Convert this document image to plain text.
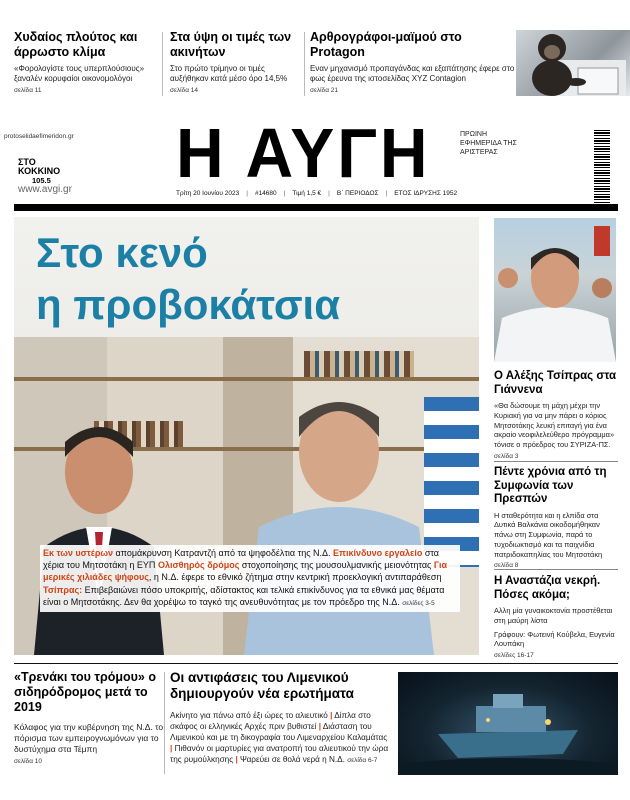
Χυδαίος πλούτος και άρρωστο κλίμα

«Φορολογίστε τους υπερπλούσιους» ξαναλέν κορυφαίοι οικονομολόγοι

σελίδα 11
Στα ύψη οι τιμές των ακινήτων

Στο πρώτο τρίμηνο οι τιμές αυξήθηκαν κατά μέσο όρο 14,5%

σελίδα 14
Αρθρογράφοι-μαϊμού στο Protagon

Εναν μηχανισμό προπαγάνδας και εξαπάτησης έφερε στο φως έρευνα της ιστοσελίδας XYZ Contagion

σελίδα 21
protoselidaefimeridon.gr
ΣΤΟ ΚΟΚΚΙΝΟ
105.5
www.avgi.gr Η ΑΥΓΗ	ΠΡΩΙΝΗ ΕΦΗΜΕΡΙΔΑ ΤΗΣ ΑΡΙΣΤΕΡΑΣ
Τρίτη 20 Ιουνίου 2023 | #14680 | Τιμή 1,5 € | Β΄ ΠΕΡΙΟΔΟΣ | ΕΤΟΣ ΙΔΡΥΣΗΣ 1952
Στο κενό
η προβοκάτσια
Εκ των υστέρων απομάκρυνση Κατραντζή από τα ψηφοδέλτια της Ν.Δ. Επικίνδυνο εργαλείο στα χέρια του Μητσοτάκη η ΕΥΠ Ολισθηρός δρόμος στοχοποίησης της μουσουλμανικής μειονότητας Για μερικές χιλιάδες ψήφους, η Ν.Δ. έφερε το εθνικό ζήτημα στην κεντρική προεκλογική αντιπαράθεση Τσίπρας: Επιβεβαιώνει πόσο υποκριτής, αδίστακτος και τελικά επικίνδυνος για τα εθνικά μας θέματα είναι ο Μητσοτάκης. Δεν θα χορέψω το ταγκό της ανευθυνότητας με τον πρόεδρο της Ν.Δ. σελίδες 3-5
Ο Αλέξης Τσίπρας στα Γιάννενα

«Θα δώσουμε τη μάχη μέχρι την Κυριακή για να μην πάρει ο κόριος Μητσοτάκης λευκή επιταγή για ένα ακραίο νεοφιλελεύθερο πρόγραμμα» τόνισε ο πρόεδρος του ΣΥΡΙΖΑ-ΠΣ.

σελίδα 3
Πέντε χρόνια από τη Συμφωνία των Πρεσπών

Η σταθερότητα και η ελπίδα στα Δυτικά Βαλκάνια οικοδομήθηκαν πάνω στη Συμφωνία, παρά το τυχοδιωκτισμό και τα παιχνίδια πατριδοκαπηλίας του Μητσοτάκη

σελίδα 8
Η Αναστάζια νεκρή. Πόσες ακόμα;

Αλλη μία γυναικοκτονία προστέθεται στη μαύρη λίστα

Γράφουν: Φωτεινή Κούβελα, Ευγενία Λουπάκη

σελίδες 16-17
«Τρενάκι του τρόμου» ο σιδηρόδρομος μετά το 2019

Κόλαφος για την κυβέρνηση της Ν.Δ. το πόρισμα των εμπειρογνωμόνων για το δυστύχημα στα Τέμπη

σελίδα 10
Οι αντιφάσεις του Λιμενικού δημιουργούν νέα ερωτήματα

Ακίνητο για πάνω από έξι ώρες το αλιευτικό | Δίπλα στο σκάφος οι ελληνικές Αρχές πριν βυθιστεί | Διάσταση του Λιμενικού και με τη δικογραφία του Λιμεναρχείου Καλαμάτας | Πιθανόν οι μαρτυρίες για ανατροπή του αλιευτικού την ώρα της ρυμούλκησης | Ψαρεύει σε θολά νερά η Ν.Δ. σελίδα 6-7
